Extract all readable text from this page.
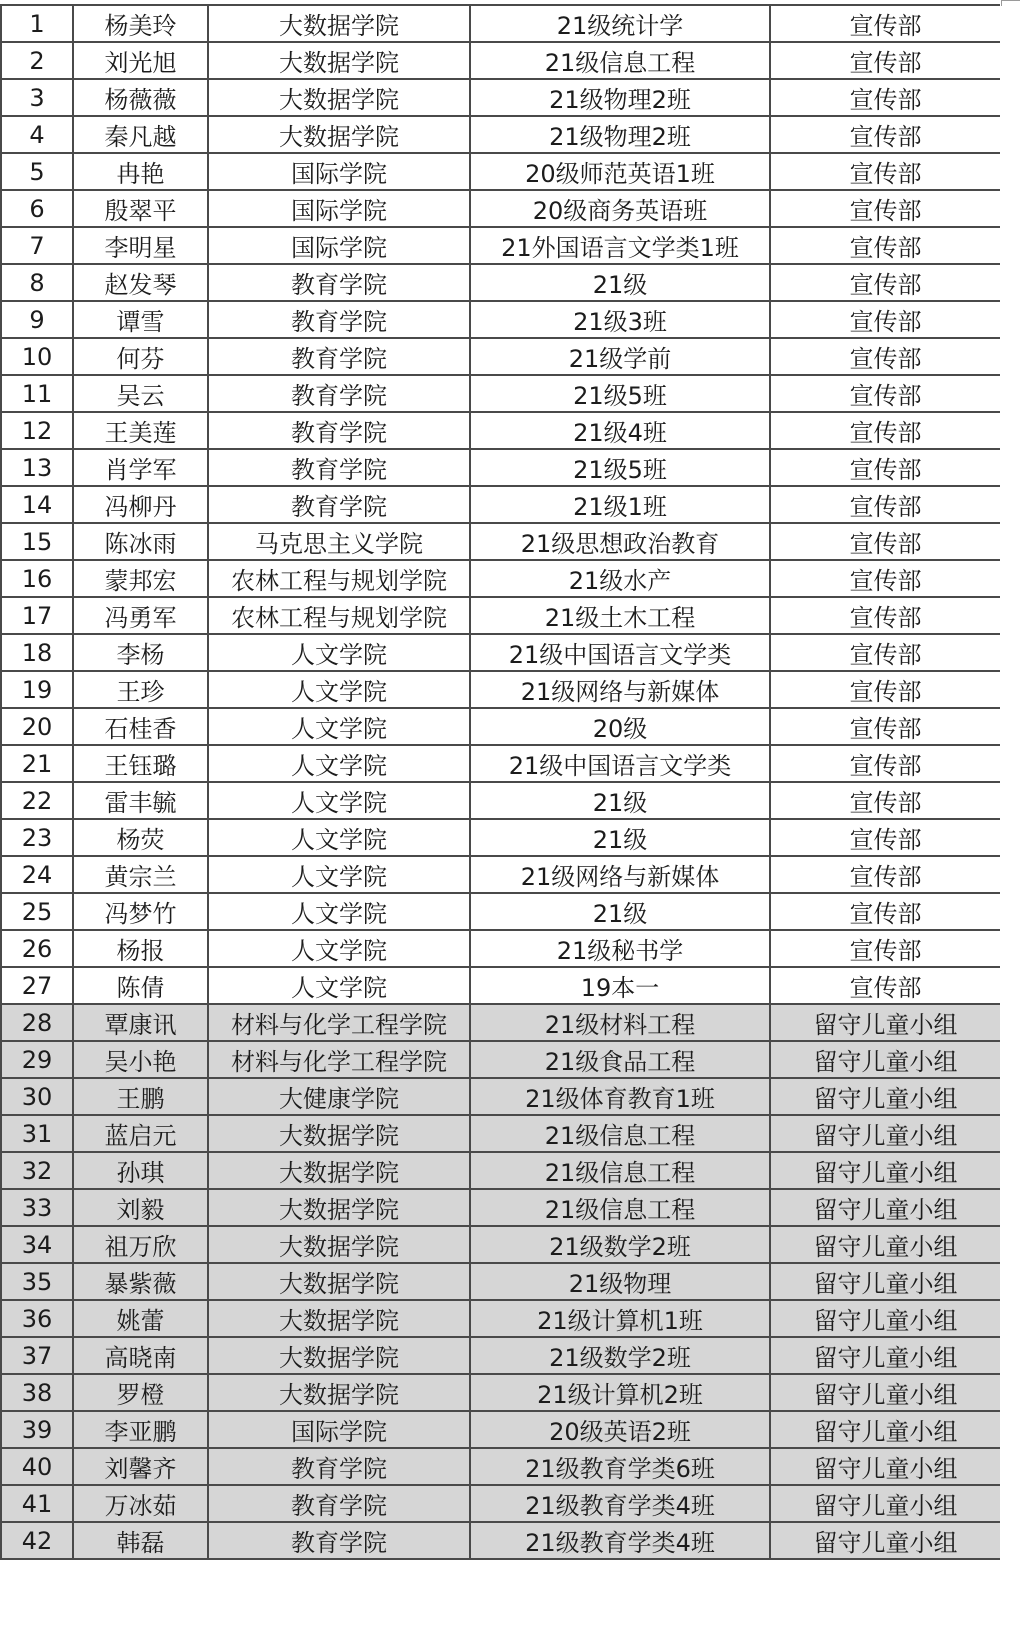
1	杨美玲	大数据学院	21级统计学	宣传部
2	刘光旭	大数据学院	21级信息工程	宣传部
3	杨薇薇	大数据学院	21级物理2班	宣传部
4	秦凡越	大数据学院	21级物理2班	宣传部
5	冉艳	国际学院	20级师范英语1班	宣传部
6	殷翠平	国际学院	20级商务英语班	宣传部
7	李明星	国际学院	21外国语言文学类1班	宣传部
8	赵发琴	教育学院	21级	宣传部
9	谭雪	教育学院	21级3班	宣传部
10	何芬	教育学院	21级学前	宣传部
11	吴云	教育学院	21级5班	宣传部
12	王美莲	教育学院	21级4班	宣传部
13	肖学军	教育学院	21级5班	宣传部
14	冯柳丹	教育学院	21级1班	宣传部
15	陈冰雨	马克思主义学院	21级思想政治教育	宣传部
16	蒙邦宏	农林工程与规划学院	21级水产	宣传部
17	冯勇军	农林工程与规划学院	21级土木工程	宣传部
18	李杨	人文学院	21级中国语言文学类	宣传部
19	王珍	人文学院	21级网络与新媒体	宣传部
20	石桂香	人文学院	20级	宣传部
21	王钰璐	人文学院	21级中国语言文学类	宣传部
22	雷丰毓	人文学院	21级	宣传部
23	杨荧	人文学院	21级	宣传部
24	黄宗兰	人文学院	21级网络与新媒体	宣传部
25	冯梦竹	人文学院	21级	宣传部
26	杨报	人文学院	21级秘书学	宣传部
27	陈倩	人文学院	19本一	宣传部
28	覃康讯	材料与化学工程学院	21级材料工程	留守儿童小组
29	吴小艳	材料与化学工程学院	21级食品工程	留守儿童小组
30	王鹏	大健康学院	21级体育教育1班	留守儿童小组
31	蓝启元	大数据学院	21级信息工程	留守儿童小组
32	孙琪	大数据学院	21级信息工程	留守儿童小组
33	刘毅	大数据学院	21级信息工程	留守儿童小组
34	祖万欣	大数据学院	21级数学2班	留守儿童小组
35	暴紫薇	大数据学院	21级物理	留守儿童小组
36	姚蕾	大数据学院	21级计算机1班	留守儿童小组
37	高晓南	大数据学院	21级数学2班	留守儿童小组
38	罗橙	大数据学院	21级计算机2班	留守儿童小组
39	李亚鹏	国际学院	20级英语2班	留守儿童小组
40	刘馨齐	教育学院	21级教育学类6班	留守儿童小组
41	万冰茹	教育学院	21级教育学类4班	留守儿童小组
42	韩磊	教育学院	21级教育学类4班	留守儿童小组
